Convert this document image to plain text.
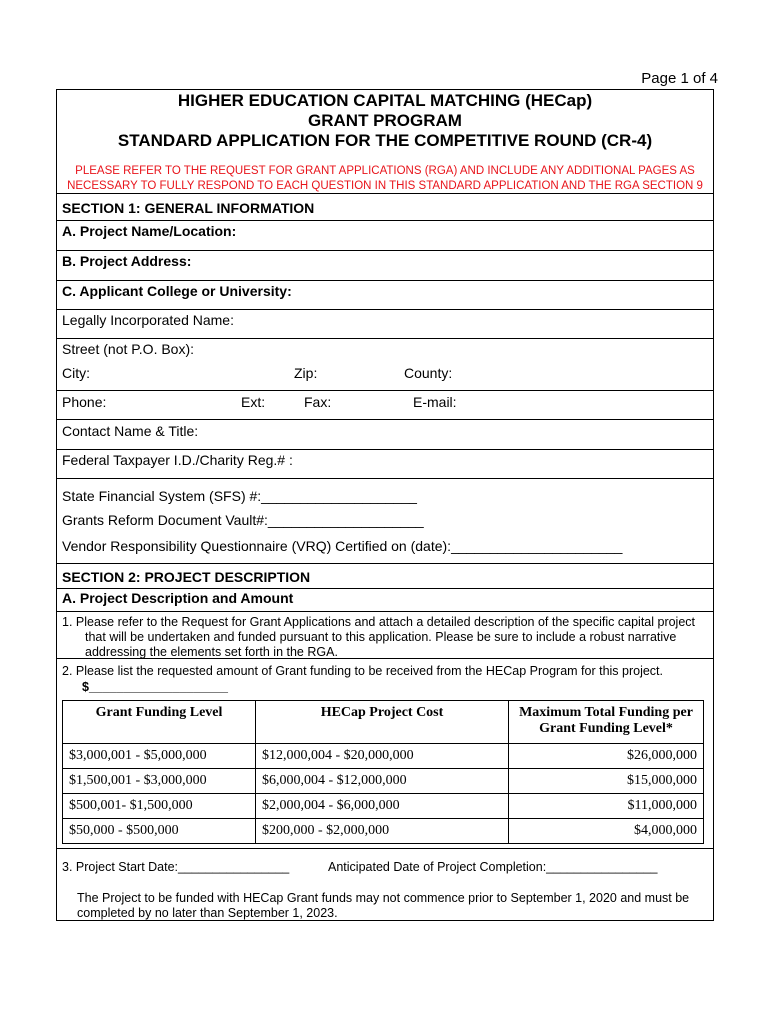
Page 1 of 4
HIGHER EDUCATION CAPITAL MATCHING (HECap)
GRANT PROGRAM
STANDARD APPLICATION FOR THE COMPETITIVE ROUND (CR-4)
PLEASE REFER TO THE REQUEST FOR GRANT APPLICATIONS (RGA) AND INCLUDE ANY ADDITIONAL PAGES AS
NECESSARY TO FULLY RESPOND TO EACH QUESTION IN THIS STANDARD APPLICATION AND THE RGA SECTION 9
SECTION 1: GENERAL INFORMATION
A. Project Name/Location:
B. Project Address:
C. Applicant College or University:
Legally Incorporated Name:
Street (not P.O. Box):
City:	Zip:	County:
Phone:	Ext:	Fax:	E-mail:
Contact Name & Title:
Federal Taxpayer I.D./Charity Reg.# :
State Financial System (SFS) #:____________________
Grants Reform Document Vault#:____________________
Vendor Responsibility Questionnaire (VRQ) Certified on (date):______________________
SECTION 2: PROJECT DESCRIPTION
A. Project Description and Amount
1. Please refer to the Request for Grant Applications and attach a detailed description of the specific capital project
that will be undertaken and funded pursuant to this application. Please be sure to include a robust narrative
addressing the elements set forth in the RGA.
2. Please list the requested amount of Grant funding to be received from the HECap Program for this project.
$____________________
Grant Funding Level	HECap Project Cost	Maximum Total Funding per Grant Funding Level*
$3,000,001 - $5,000,000	$12,000,004 - $20,000,000	$26,000,000
$1,500,001 - $3,000,000	$6,000,004 - $12,000,000	$15,000,000
$500,001- $1,500,000	$2,000,004 - $6,000,000	$11,000,000
$50,000 - $500,000	$200,000 - $2,000,000	$4,000,000
3. Project Start Date:________________	Anticipated Date of Project Completion:________________
The Project to be funded with HECap Grant funds may not commence prior to September 1, 2020 and must be
completed by no later than September 1, 2023.
